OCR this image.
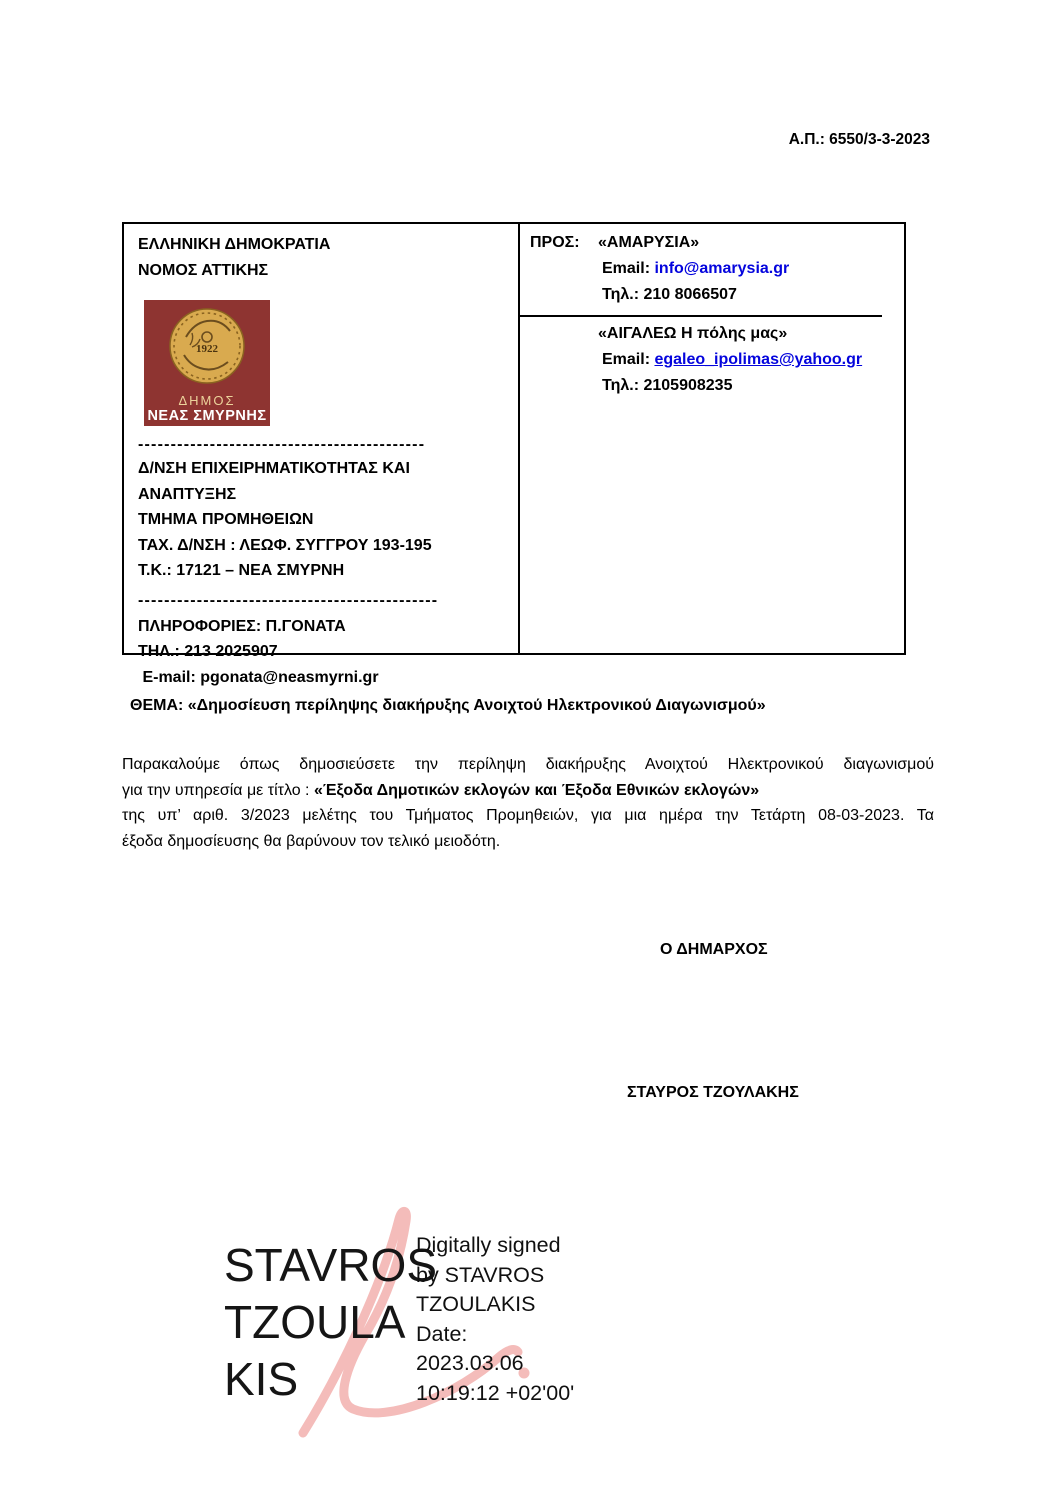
Α.Π.: 6550/3-3-2023
ΕΛΛΗΝΙΚΗ ΔΗΜΟΚΡΑΤΙΑ
ΝΟΜΟΣ ΑΤΤΙΚΗΣ
1922
ΔΗΜΟΣ
ΝΕΑΣ ΣΜΥΡΝΗΣ
--------------------------------------------
Δ/ΝΣΗ ΕΠΙΧΕΙΡΗΜΑΤΙΚΟΤΗΤΑΣ ΚΑΙ
ΑΝΑΠΤΥΞΗΣ
ΤΜΗΜΑ ΠΡΟΜΗΘΕΙΩΝ
ΤΑΧ. Δ/ΝΣΗ : ΛΕΩΦ. ΣΥΓΓΡΟΥ 193-195
Τ.Κ.: 17121 – ΝΕΑ ΣΜΥΡΝΗ
----------------------------------------------
ΠΛΗΡΟΦΟΡΙΕΣ: Π.ΓΟΝΑΤΑ
ΤΗΛ.: 213 2025907
E-mail: pgonata@neasmyrni.gr
ΠΡΟΣ:	«ΑΜΑΡΥΣΙΑ»
Email: info@amarysia.gr
Τηλ.: 210 8066507
«ΑΙΓΑΛΕΩ Η πόλης μας»
Email: egaleo_ipolimas@yahoo.gr
Τηλ.: 2105908235
ΘΕΜΑ: «Δημοσίευση περίληψης διακήρυξης Ανοιχτού Ηλεκτρονικού Διαγωνισμού»
Παρακαλούμε όπως δημοσιεύσετε την περίληψη διακήρυξης Ανοιχτού Ηλεκτρονικού διαγωνισμού
για την υπηρεσία με τίτλο : «Έξοδα Δημοτικών εκλογών και Έξοδα Εθνικών εκλογών»
της υπ’ αριθ. 3/2023 μελέτης του Τμήματος Προμηθειών, για μια ημέρα την Τετάρτη 08-03-2023. Τα
έξοδα δημοσίευσης θα βαρύνουν τον τελικό μειοδότη.
Ο ΔΗΜΑΡΧΟΣ
ΣΤΑΥΡΟΣ ΤΖΟΥΛΑΚΗΣ
STAVROS
TZOULA
KIS
Digitally signed
by STAVROS
TZOULAKIS
Date:
2023.03.06
10:19:12 +02'00'
